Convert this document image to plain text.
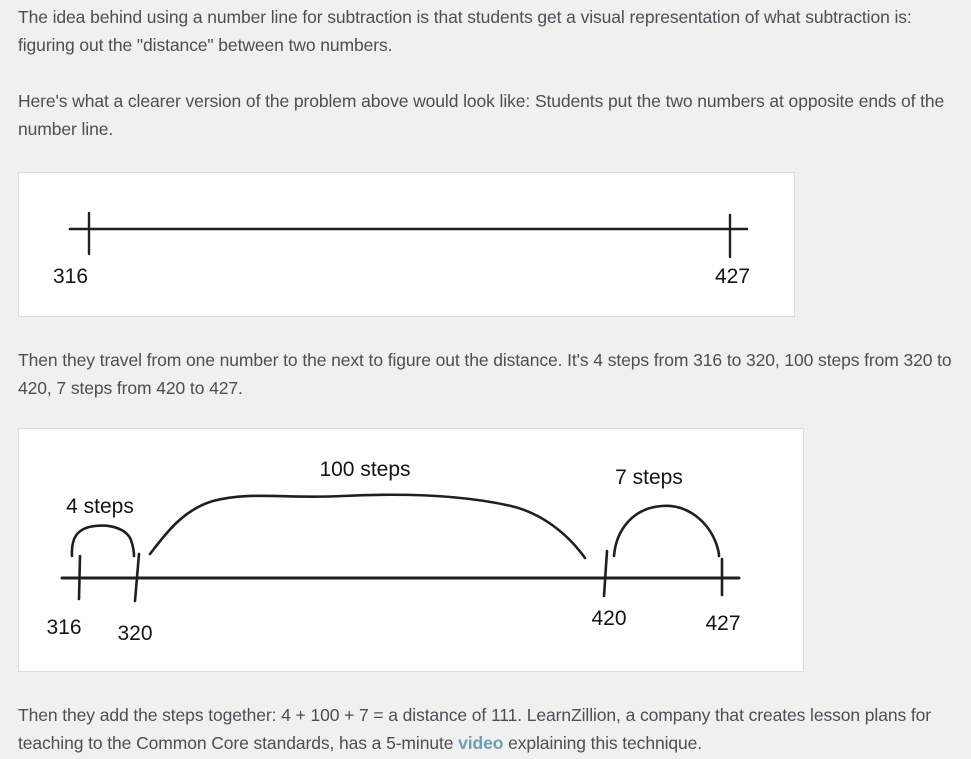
The idea behind using a number line for subtraction is that students get a visual representation of what subtraction is: figuring out the "distance" between two numbers.

Here's what a clearer version of the problem above would look like: Students put the two numbers at opposite ends of the number line.

316	427

Then they travel from one number to the next to figure out the distance. It's 4 steps from 316 to 320, 100 steps from 320 to 420, 7 steps from 420 to 427.

4 steps
100 steps	7 steps
316 320
420	427

Then they add the steps together: 4 + 100 + 7 = a distance of 111. LearnZillion, a company that creates lesson plans for teaching to the Common Core standards, has a 5-minute video explaining this technique.
